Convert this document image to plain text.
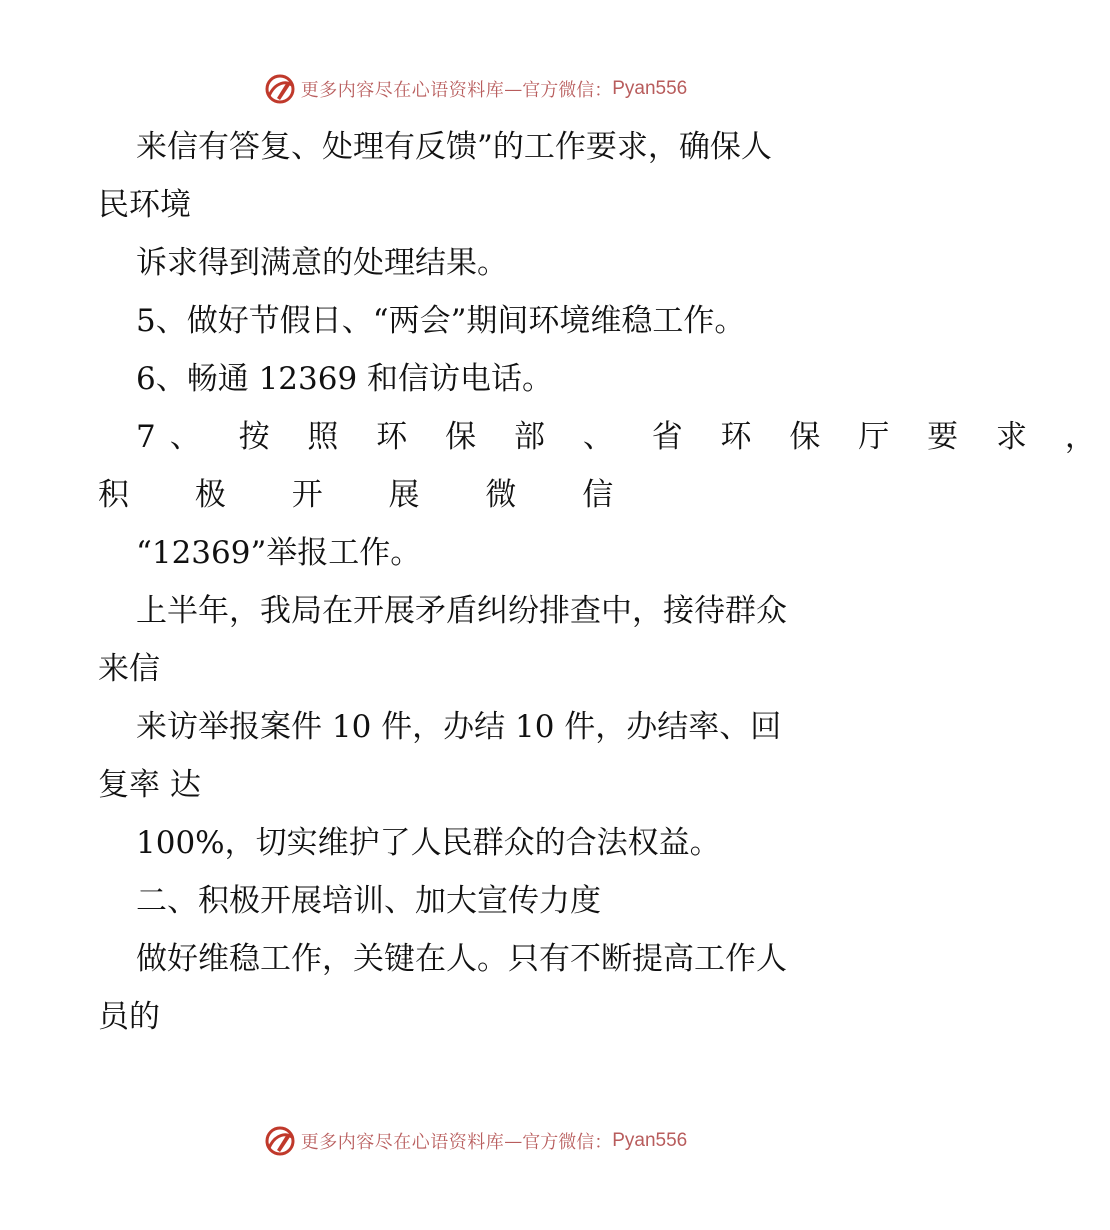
更多内容尽在心语资料库 — 官方微信： Pyan556
来信有答复、处理有反馈”的工作要求，确保人
民环境
诉求得到满意的处理结果。
5、做好节假日、“两会”期间环境维稳工作。
6、畅通 12369 和信访电话。
7、 按 照 环 保 部 、 省 环 保 厅 要 求 ，
积 极 开 展 微 信
“12369”举报工作。
上半年，我局在开展矛盾纠纷排查中，接待群众
来信
来访举报案件 10 件，办结 10 件，办结率、回
复率 达
100%，切实维护了人民群众的合法权益。
二、积极开展培训、加大宣传力度
做好维稳工作，关键在人。只有不断提高工作人
员的
更多内容尽在心语资料库 — 官方微信： Pyan556
